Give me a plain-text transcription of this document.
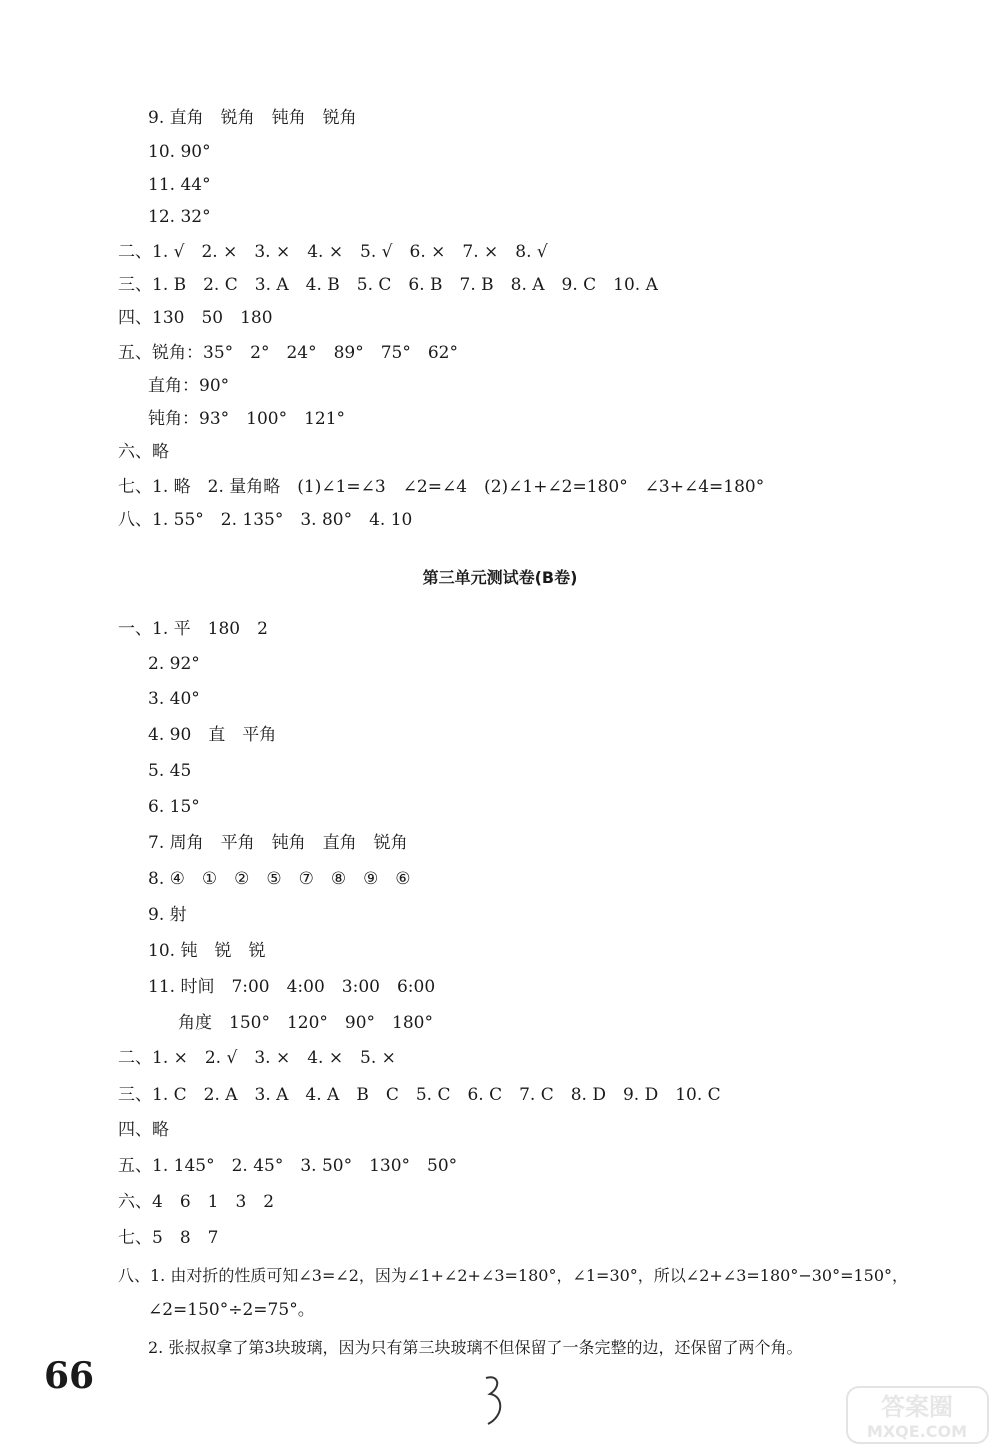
9. 直角　锐角　钝角　锐角
10. 90°
11. 44°
12. 32°
二、1. √　2. ×　3. ×　4. ×　5. √　6. ×　7. ×　8. √
三、1. B　2. C　3. A　4. B　5. C　6. B　7. B　8. A　9. C　10. A
四、130　50　180
五、锐角：35°　2°　24°　89°　75°　62°
直角：90°
钝角：93°　100°　121°
六、略
七、1. 略　2. 量角略　(1)∠1=∠3　∠2=∠4　(2)∠1+∠2=180°　∠3+∠4=180°
八、1. 55°　2. 135°　3. 80°　4. 10
第三单元测试卷(B卷)
一、1. 平　180　2
2. 92°
3. 40°
4. 90　直　平角
5. 45
6. 15°
7. 周角　平角　钝角　直角　锐角
8. ④　①　②　⑤　⑦　⑧　⑨　⑥
9. 射
10. 钝　锐　锐
11. 时间　7:00　4:00　3:00　6:00
角度　150°　120°　90°　180°
二、1. ×　2. √　3. ×　4. ×　5. ×
三、1. C　2. A　3. A　4. A　B　C　5. C　6. C　7. C　8. D　9. D　10. C
四、略
五、1. 145°　2. 45°　3. 50°　130°　50°
六、4　6　1　3　2
七、5　8　7
八、1. 由对折的性质可知∠3=∠2，因为∠1+∠2+∠3=180°，∠1=30°，所以∠2+∠3=180°−30°=150°，
∠2=150°÷2=75°。
2. 张叔叔拿了第3块玻璃，因为只有第三块玻璃不但保留了一条完整的边，还保留了两个角。
66
答案圈
MXQE.COM
